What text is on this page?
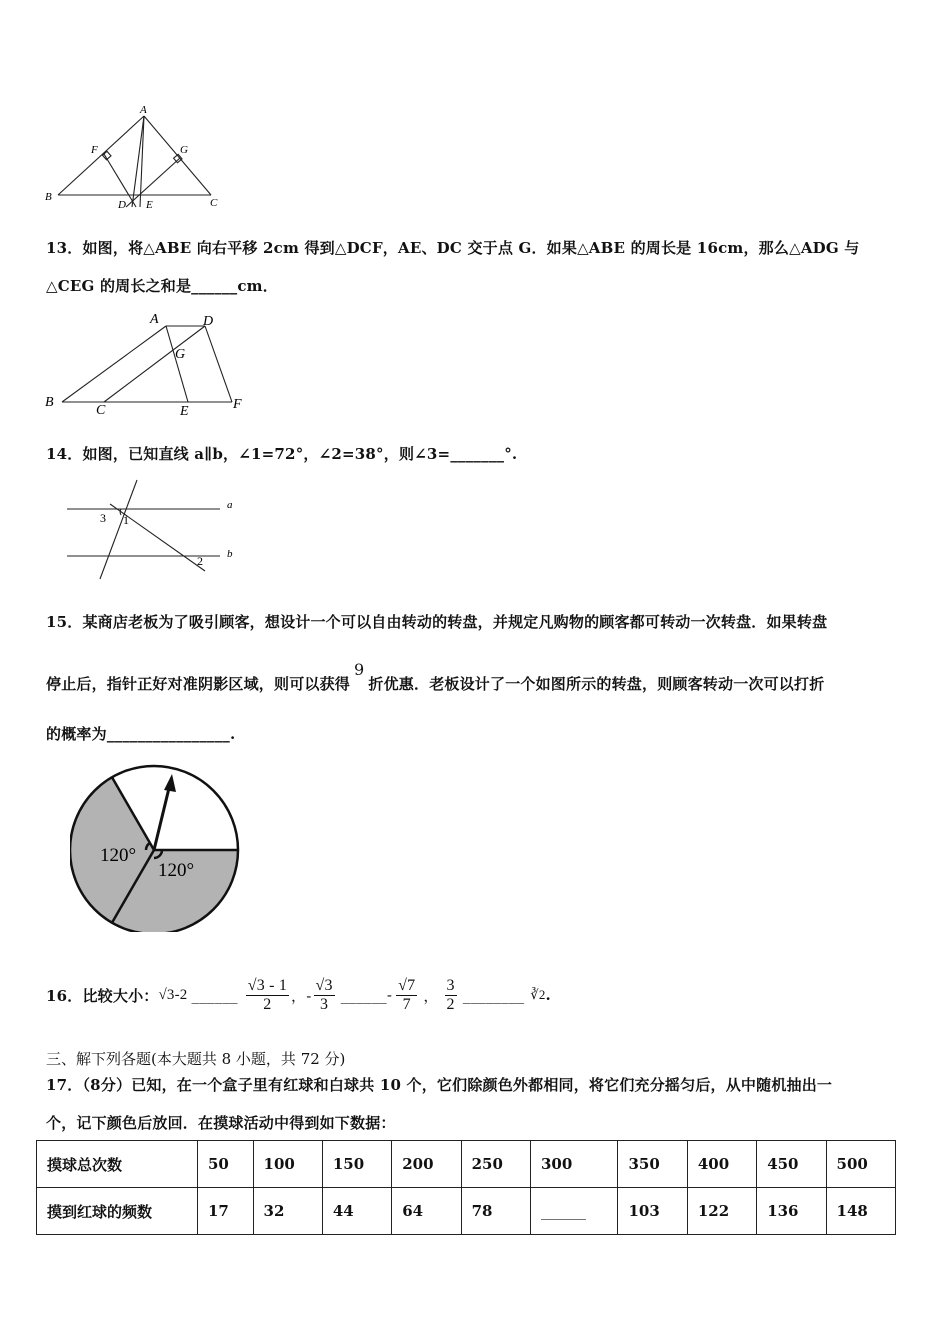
A
F	G
B
D E	C
13．如图，将△ABE 向右平移 2cm 得到△DCF，AE、DC 交于点 G．如果△ABE 的周长是 16cm，那么△ADG 与
△CEG 的周长之和是______cm．
A	D
G
B
C	E	F
14．如图，已知直线 a∥b，∠1=72°，∠2=38°，则∠3=_______°.
a
b
3 1
2
15．某商店老板为了吸引顾客，想设计一个可以自由转动的转盘，并规定凡购物的顾客都可转动一次转盘．如果转盘
停止后，指针正好对准阴影区域，则可以获得9折优惠．老板设计了一个如图所示的转盘，则顾客转动一次可以打折
的概率为________________.
120°
120°
16．比较大小： √3-2 ______ $\frac{√3 - 1}{2}$ ，- $\frac{√3}{3}$ ______- $\frac{√7}{7}$ ， $\frac{3}{2}$ ________ ∛2 .
三、解下列各题(本大题共 8 小题，共 72 分)
17．（8分）已知，在一个盒子里有红球和白球共 10 个，它们除颜色外都相同，将它们充分摇匀后，从中随机抽出一
个，记下颜色后放回．在摸球活动中得到如下数据：
摸球总次数	50	100	150	200	250	300	350	400	450	500
摸到红球的频数	17	32	44	64	78	______	103	122	136	148
